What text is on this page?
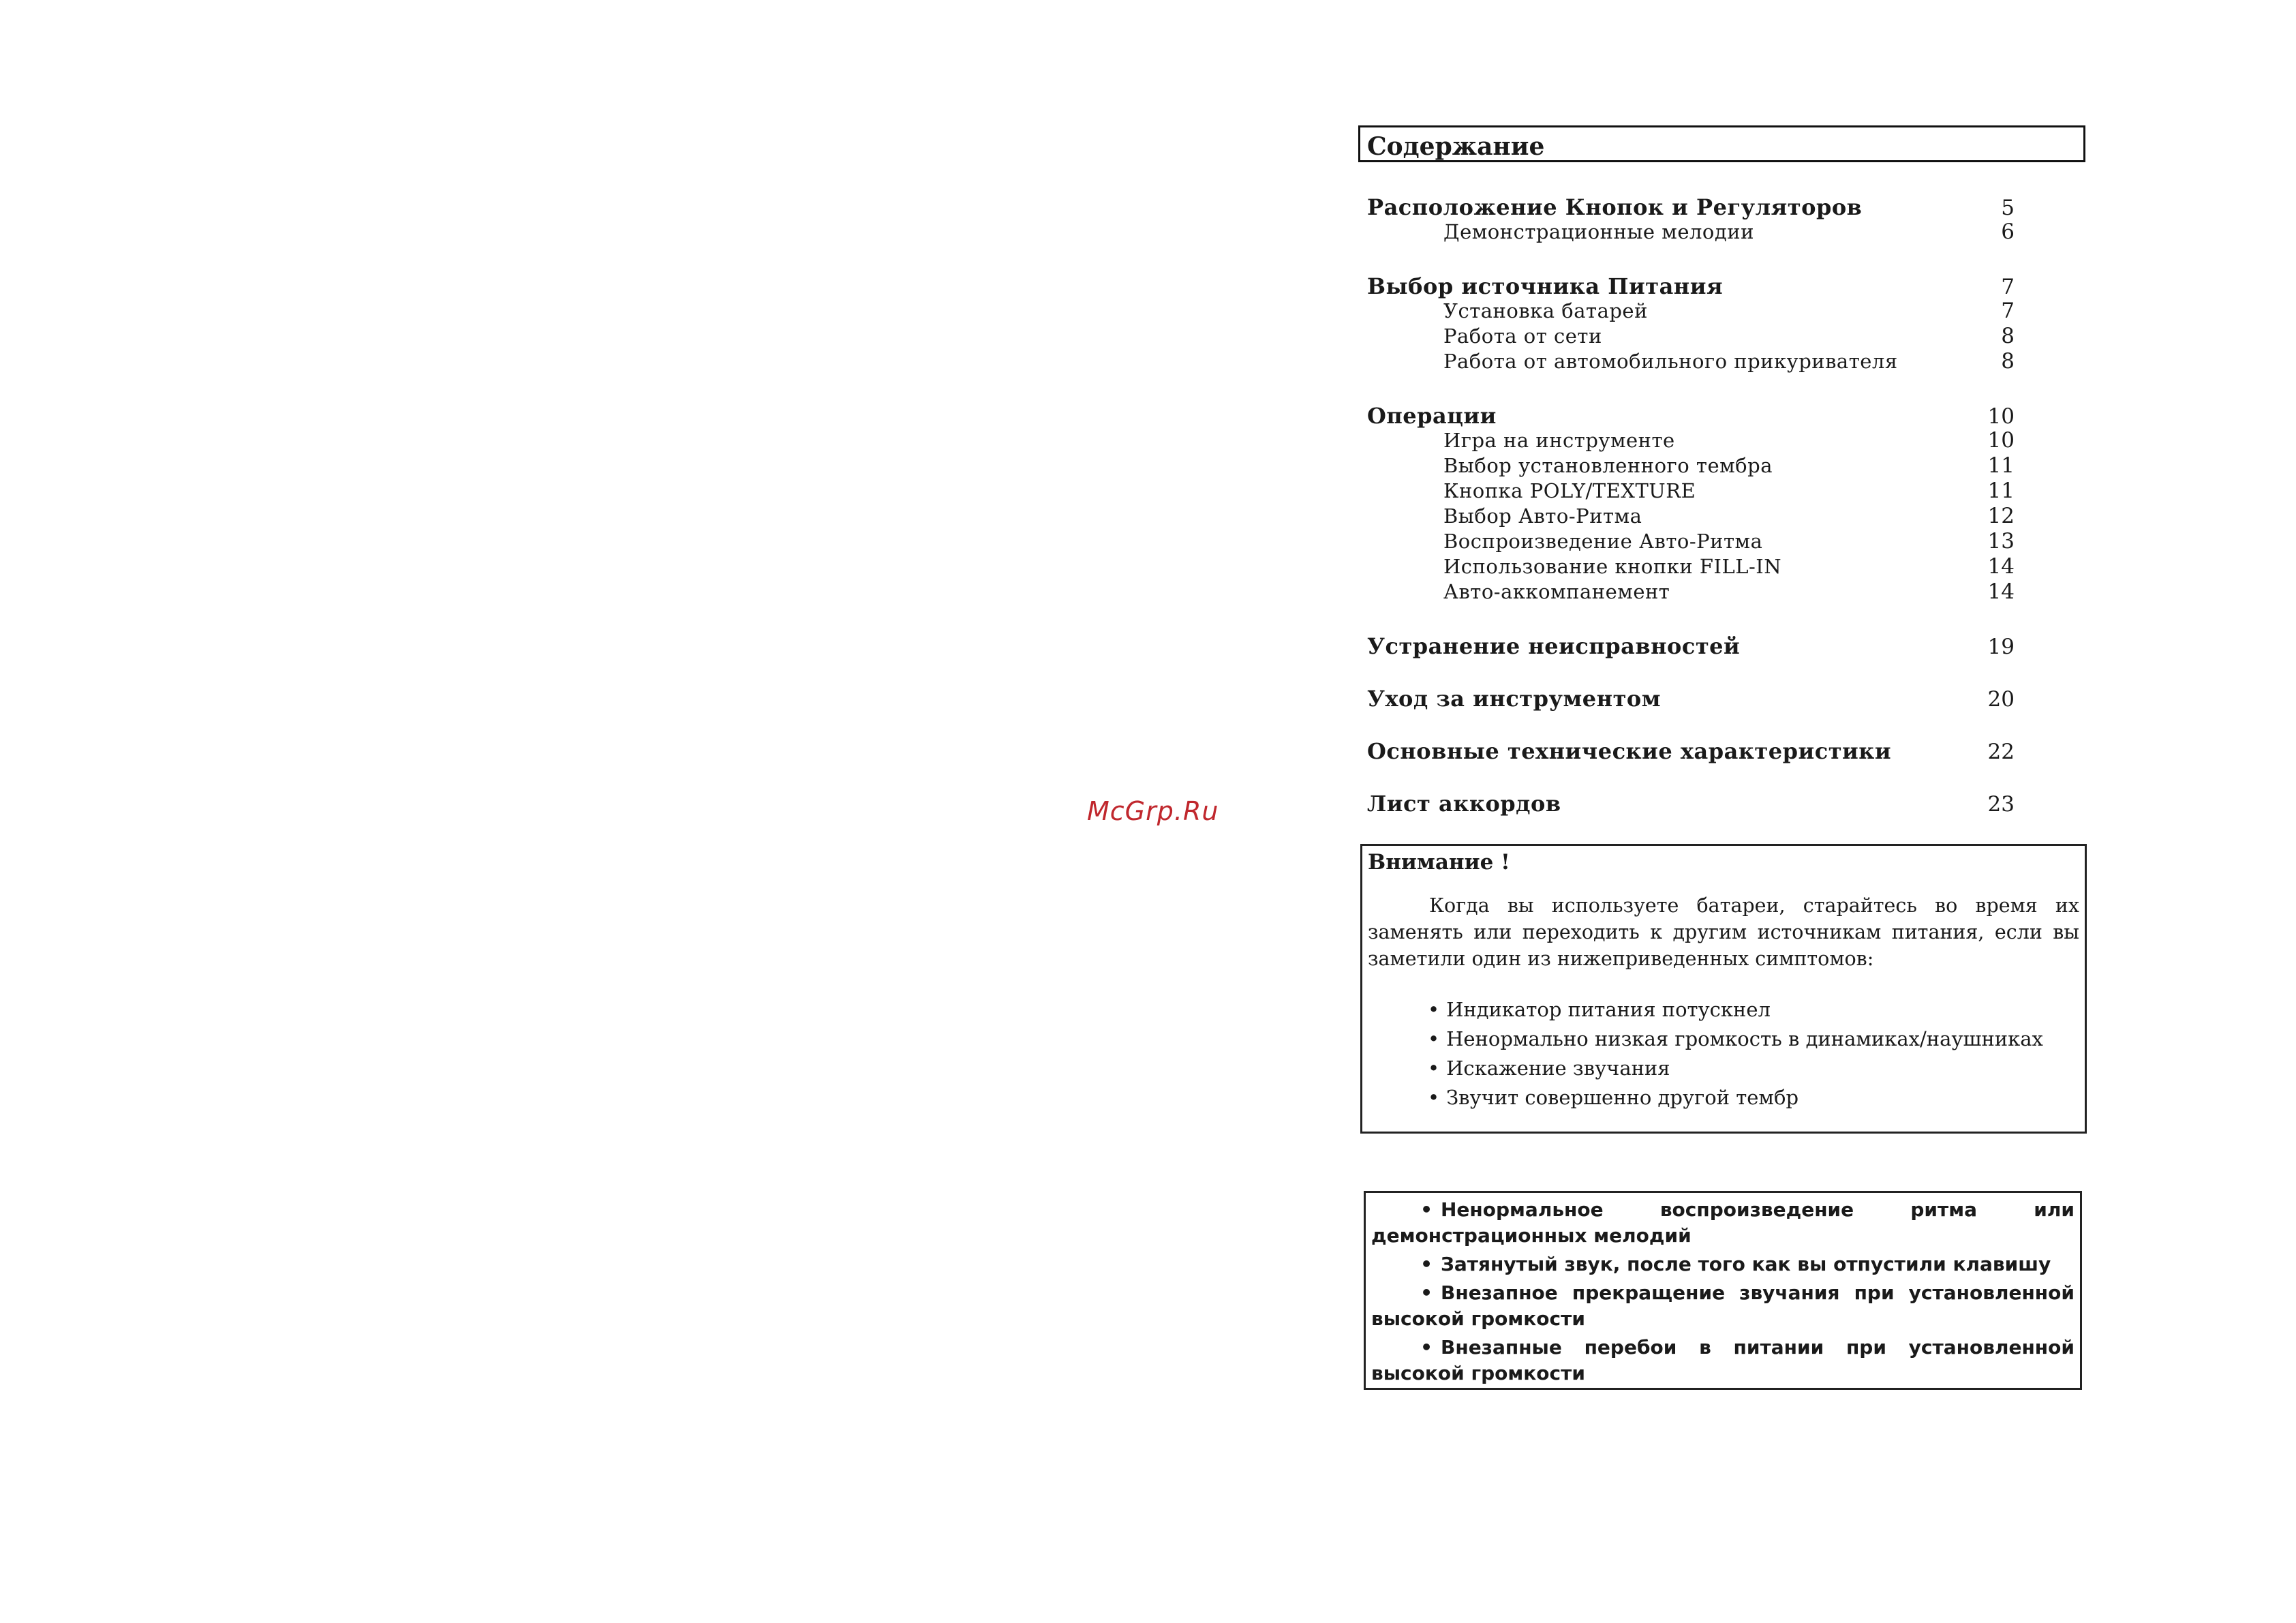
McGrp.Ru
Содержание
Расположение Кнопок и Регуляторов	5
Демонстрационные мелодии	6
Выбор источника Питания	7
Установка батарей	7
Работа от сети	8
Работа от автомобильного прикуривателя	8
Операции	10
Игра на инструменте	10
Выбор установленного тембра	11
Кнопка POLY/TEXTURE	11
Выбор Авто-Ритма	12
Воспроизведение Авто-Ритма	13
Использование кнопки FILL-IN	14
Авто-аккомпанемент	14
Устранение неисправностей	19
Уход за инструментом	20
Основные технические характеристики	22
Лист аккордов	23
Внимание !
Когда вы используете батареи, старайтесь во время их заменять или переходить к другим источникам питания, если вы заметили один из нижеприведенных симптомов:
• Индикатор питания потускнел
• Ненормально низкая громкость в динамиках/наушниках
• Искажение звучания
• Звучит совершенно другой тембр
• Ненормальное воспроизведение ритма или демонстрационных мелодий
• Затянутый звук, после того как вы отпустили клавишу
• Внезапное прекращение звучания при установленной высокой громкости
• Внезапные перебои в питании при установленной высокой громкости
